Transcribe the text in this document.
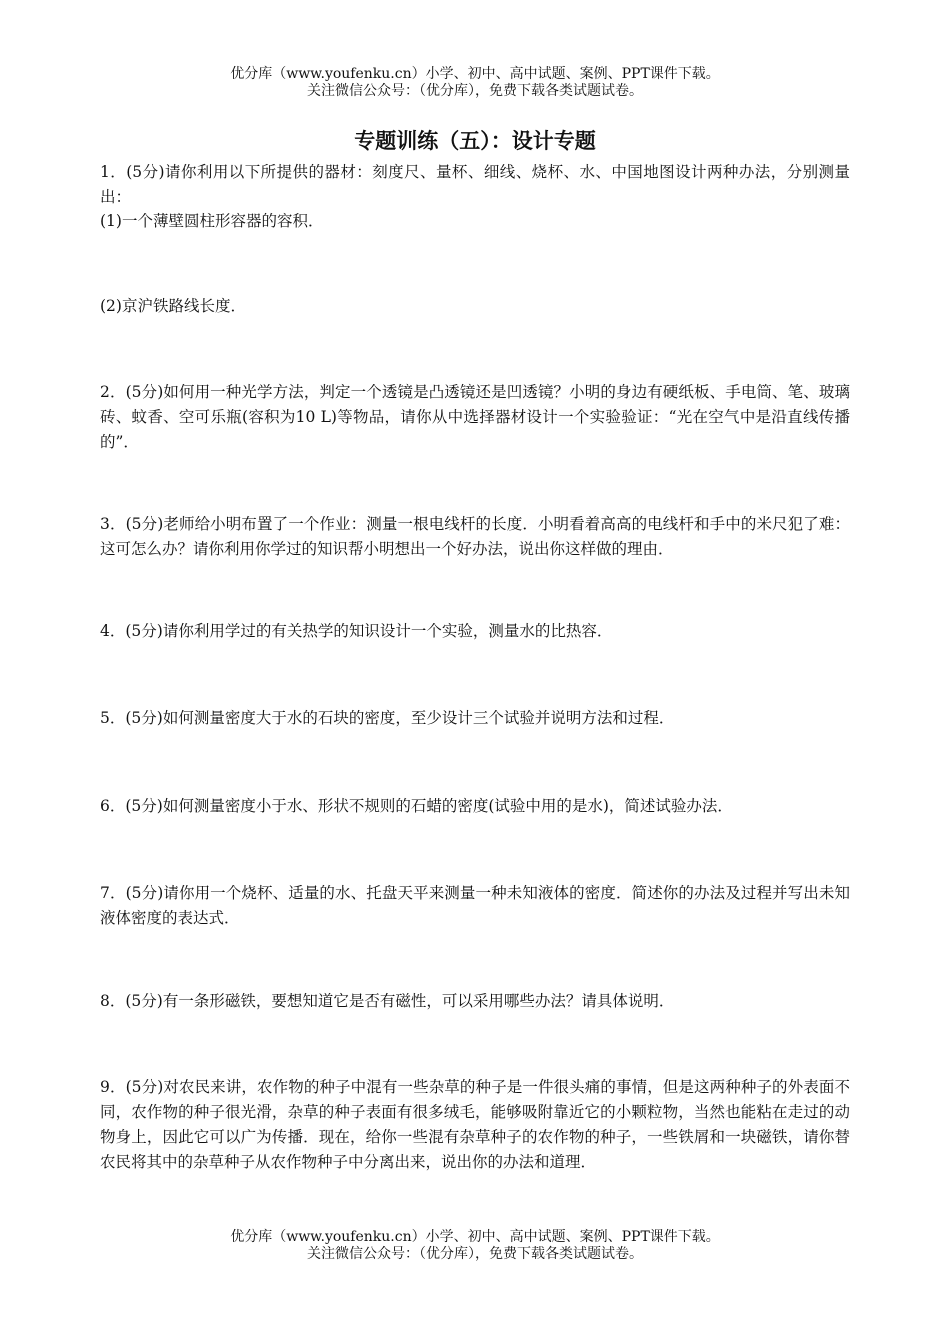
优分库（www.youfenku.cn）小学、初中、高中试题、案例、PPT课件下载。
关注微信公众号：（优分库），免费下载各类试题试卷。
专题训练（五）：设计专题
1．(5分)请你利用以下所提供的器材：刻度尺、量杯、细线、烧杯、水、中国地图设计两种办法，分别测量出：
(1)一个薄壁圆柱形容器的容积．
(2)京沪铁路线长度．
2．(5分)如何用一种光学方法，判定一个透镜是凸透镜还是凹透镜？小明的身边有硬纸板、手电筒、笔、玻璃砖、蚊香、空可乐瓶(容积为10 L)等物品，请你从中选择器材设计一个实验验证：“光在空气中是沿直线传播的”．
3．(5分)老师给小明布置了一个作业：测量一根电线杆的长度．小明看着高高的电线杆和手中的米尺犯了难：这可怎么办？请你利用你学过的知识帮小明想出一个好办法，说出你这样做的理由．
4．(5分)请你利用学过的有关热学的知识设计一个实验，测量水的比热容．
5．(5分)如何测量密度大于水的石块的密度，至少设计三个试验并说明方法和过程．
6．(5分)如何测量密度小于水、形状不规则的石蜡的密度(试验中用的是水)，简述试验办法．
7．(5分)请你用一个烧杯、适量的水、托盘天平来测量一种未知液体的密度．简述你的办法及过程并写出未知液体密度的表达式．
8．(5分)有一条形磁铁，要想知道它是否有磁性，可以采用哪些办法？请具体说明．
9．(5分)对农民来讲，农作物的种子中混有一些杂草的种子是一件很头痛的事情，但是这两种种子的外表面不同，农作物的种子很光滑，杂草的种子表面有很多绒毛，能够吸附靠近它的小颗粒物，当然也能粘在走过的动物身上，因此它可以广为传播．现在，给你一些混有杂草种子的农作物的种子，一些铁屑和一块磁铁，请你替农民将其中的杂草种子从农作物种子中分离出来，说出你的办法和道理．
优分库（www.youfenku.cn）小学、初中、高中试题、案例、PPT课件下载。
关注微信公众号：（优分库），免费下载各类试题试卷。
